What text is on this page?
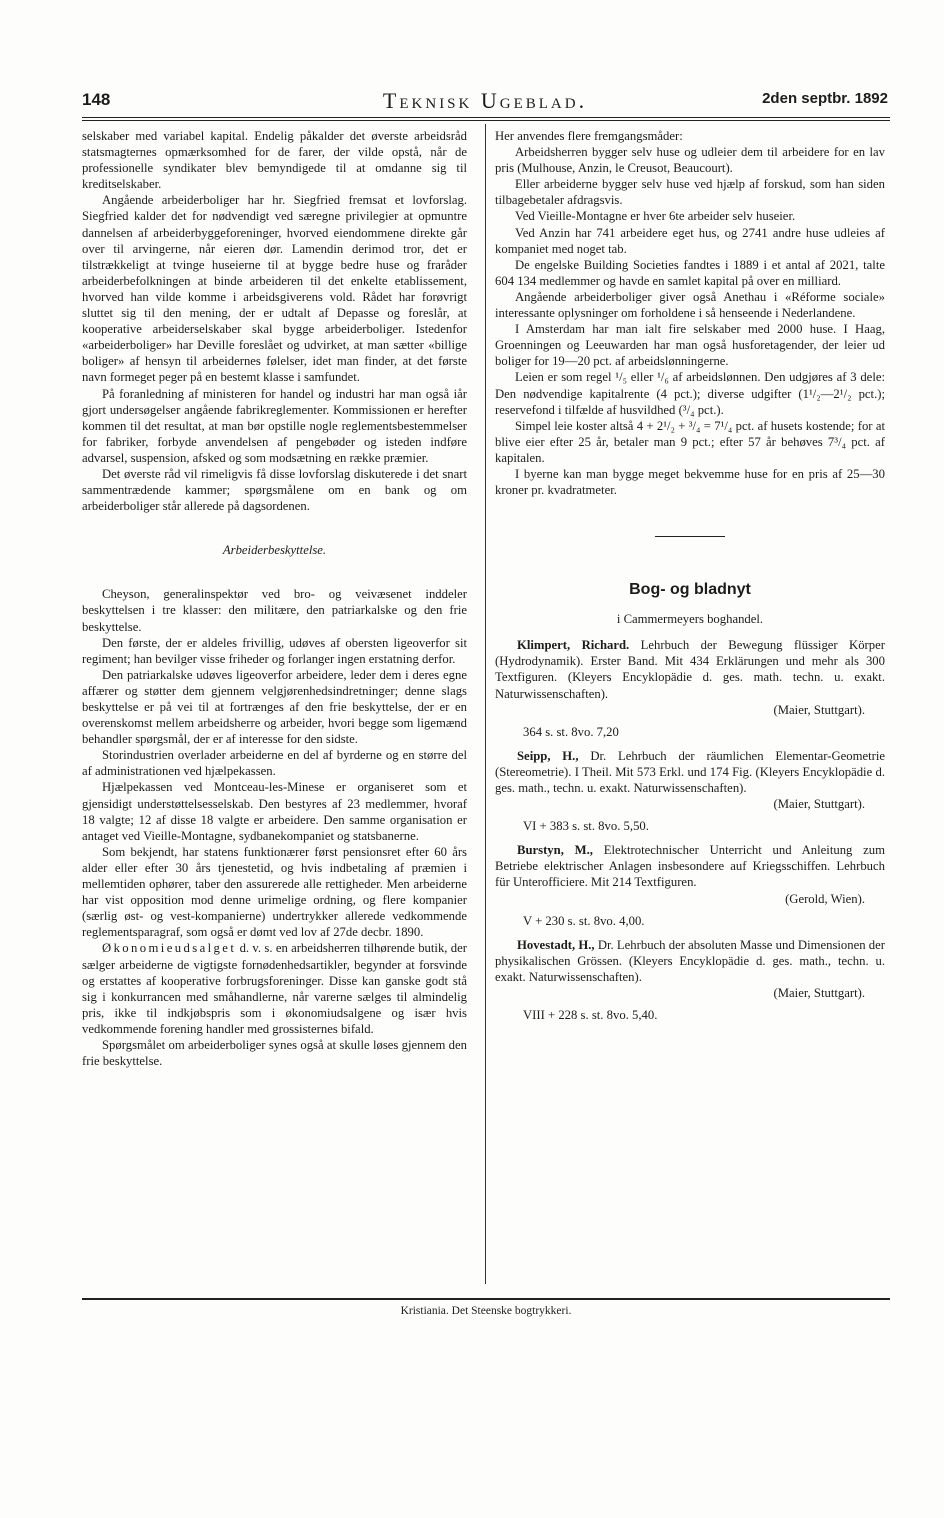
148	Teknisk Ugeblad.	2den septbr. 1892

selskaber med variabel kapital. Endelig påkalder det øverste arbeidsråd statsmagternes opmærksomhed for de farer, der vilde opstå, når de professionelle syndikater blev bemyndigede til at omdanne sig til kreditselskaber.

Angående arbeiderboliger har hr. Siegfried fremsat et lovforslag. Siegfried kalder det for nødvendigt ved særegne privilegier at opmuntre dannelsen af arbeiderbyggeforeninger, hvorved eiendommene direkte går over til arvingerne, når eieren dør. Lamendin derimod tror, det er tilstrækkeligt at tvinge huseierne til at bygge bedre huse og fraråder arbeiderbefolkningen at binde arbeideren til det enkelte etablissement, hvorved han vilde komme i arbeidsgiverens vold. Rådet har forøvrigt sluttet sig til den mening, der er udtalt af Depasse og foreslår, at kooperative arbeiderselskaber skal bygge arbeiderboliger. Istedenfor «arbeiderboliger» har Deville foreslået og udvirket, at man sætter «billige boliger» af hensyn til arbeidernes følelser, idet man finder, at det første navn formeget peger på en bestemt klasse i samfundet.

På foranledning af ministeren for handel og industri har man også iår gjort undersøgelser angående fabrikreglementer. Kommissionen er herefter kommen til det resultat, at man bør opstille nogle reglementsbestemmelser for fabriker, forbyde anvendelsen af pengebøder og isteden indføre advarsel, suspension, afsked og som modsætning en række præmier.

Det øverste råd vil rimeligvis få disse lovforslag diskuterede i det snart sammentrædende kammer; spørgsmålene om en bank og om arbeiderboliger står allerede på dagsordenen.

Arbeiderbeskyttelse.

Cheyson, generalinspektør ved bro- og veivæsenet inddeler beskyttelsen i tre klasser: den militære, den patriarkalske og den frie beskyttelse.

Den første, der er aldeles frivillig, udøves af obersten ligeoverfor sit regiment; han bevilger visse friheder og forlanger ingen erstatning derfor.

Den patriarkalske udøves ligeoverfor arbeidere, leder dem i deres egne affærer og støtter dem gjennem velgjørenhedsindretninger; denne slags beskyttelse er på vei til at fortrænges af den frie beskyttelse, der er en overenskomst mellem arbeidsherre og arbeider, hvori begge som ligemænd behandler spørgsmål, der er af interesse for den sidste.

Storindustrien overlader arbeiderne en del af byrderne og en større del af administrationen ved hjælpekassen.

Hjælpekassen ved Montceau-les-Minese er organiseret som et gjensidigt understøttelsesselskab. Den bestyres af 23 medlemmer, hvoraf 18 valgte; 12 af disse 18 valgte er arbeidere. Den samme organisation er antaget ved Vieille-Montagne, sydbanekompaniet og statsbanerne.

Som bekjendt, har statens funktionærer først pensionsret efter 60 års alder eller efter 30 års tjenestetid, og hvis indbetaling af præmien i mellemtiden ophører, taber den assurerede alle rettigheder. Men arbeiderne har vist opposition mod denne urimelige ordning, og flere kompanier (særlig øst- og vest-kompanierne) undertrykker allerede vedkommende reglementsparagraf, som også er dømt ved lov af 27de decbr. 1890.

Økonomieudsalget d. v. s. en arbeidsherren tilhørende butik, der sælger arbeiderne de vigtigste fornødenhedsartikler, begynder at forsvinde og erstattes af kooperative forbrugsforeninger. Disse kan ganske godt stå sig i konkurrancen med småhandlerne, når varerne sælges til almindelig pris, ikke til indkjøbspris som i økonomiudsalgene og især hvis vedkommende forening handler med grossisternes bifald.

Spørgsmålet om arbeiderboliger synes også at skulle løses gjennem den frie beskyttelse.

Her anvendes flere fremgangsmåder:

Arbeidsherren bygger selv huse og udleier dem til arbeidere for en lav pris (Mulhouse, Anzin, le Creusot, Beaucourt).

Eller arbeiderne bygger selv huse ved hjælp af forskud, som han siden tilbagebetaler afdragsvis.

Ved Vieille-Montagne er hver 6te arbeider selv huseier.

Ved Anzin har 741 arbeidere eget hus, og 2741 andre huse udleies af kompaniet med noget tab.

De engelske Building Societies fandtes i 1889 i et antal af 2021, talte 604 134 medlemmer og havde en samlet kapital på over en milliard.

Angående arbeiderboliger giver også Anethau i «Réforme sociale» interessante oplysninger om forholdene i så henseende i Nederlandene.

I Amsterdam har man ialt fire selskaber med 2000 huse. I Haag, Groenningen og Leeuwarden har man også husforetagender, der leier ud boliger for 19—20 pct. af arbeidslønningerne.

Leien er som regel ¹/₅ eller ¹/₆ af arbeidslønnen. Den udgjøres af 3 dele: Den nødvendige kapitalrente (4 pct.); diverse udgifter (1¹/₂—2¹/₂ pct.); reservefond i tilfælde af husvildhed (³/₄ pct.).

Simpel leie koster altså 4 + 2¹/₂ + ³/₄ = 7¹/₄ pct. af husets kostende; for at blive eier efter 25 år, betaler man 9 pct.; efter 57 år behøves 7³/₄ pct. af kapitalen.

I byerne kan man bygge meget bekvemme huse for en pris af 25—30 kroner pr. kvadratmeter.

Bog- og bladnyt
i Cammermeyers boghandel.

Klimpert, Richard. Lehrbuch der Bewegung flüssiger Körper (Hydrodynamik). Erster Band. Mit 434 Erklärungen und mehr als 300 Textfiguren. (Kleyers Encyklopädie d. ges. math. techn. u. exakt. Naturwissenschaften).

(Maier, Stuttgart).
364 s. st. 8vo. 7,20

Seipp, H., Dr. Lehrbuch der räumlichen Elementar-Geometrie (Stereometrie). I Theil. Mit 573 Erkl. und 174 Fig. (Kleyers Encyklopädie d. ges. math., techn. u. exakt. Naturwissenschaften).

(Maier, Stuttgart).
VI + 383 s. st. 8vo. 5,50.

Burstyn, M., Elektrotechnischer Unterricht und Anleitung zum Betriebe elektrischer Anlagen insbesondere auf Kriegsschiffen. Lehrbuch für Unterofficiere. Mit 214 Textfiguren.

(Gerold, Wien).
V + 230 s. st. 8vo. 4,00.

Hovestadt, H., Dr. Lehrbuch der absoluten Masse und Dimensionen der physikalischen Grössen. (Kleyers Encyklopädie d. ges. math., techn. u. exakt. Naturwissenschaften).

(Maier, Stuttgart).
VIII + 228 s. st. 8vo. 5,40.
Kristiania. Det Steenske bogtrykkeri.
